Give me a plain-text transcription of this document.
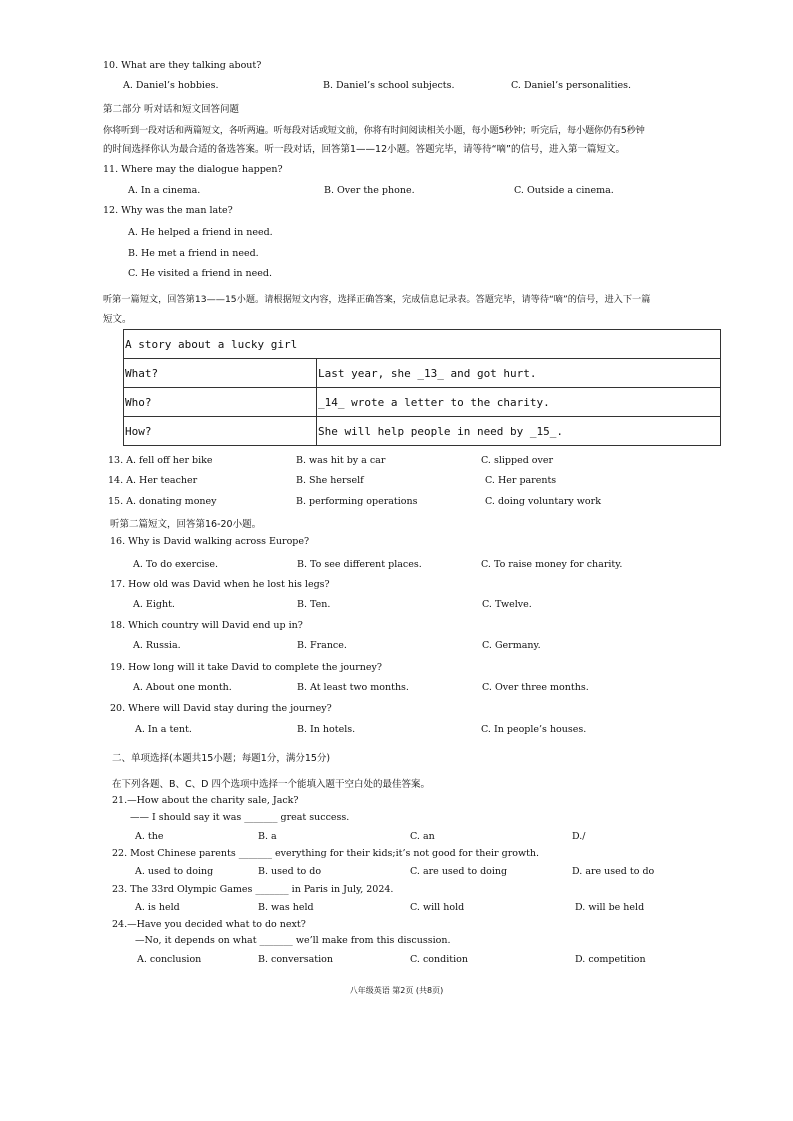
10. What are they talking about?
A. Daniel’s hobbies.	B. Daniel’s school subjects.	C. Daniel’s personalities.
第二部分 听对话和短文回答问题
你将听到一段对话和两篇短文，各听两遍。听每段对话或短文前，你将有时间阅读相关小题，每小题5秒钟；听完后，每小题你仍有5秒钟
的时间选择你认为最合适的备选答案。听一段对话，回答第1——12小题。答题完毕，请等待“嘀”的信号，进入第一篇短文。
11. Where may the dialogue happen?
A. In a cinema.	B. Over the phone.	C. Outside a cinema.
12. Why was the man late?
A. He helped a friend in need.
B. He met a friend in need.
C. He visited a friend in need.
听第一篇短文，回答第13——15小题。请根据短文内容，选择正确答案，完成信息记录表。答题完毕，请等待“嘀”的信号，进入下一篇
短文。
A story about a lucky girl	
What?	Last year, she _13_ and got hurt.
Who?	_14_ wrote a letter to the charity.
How?	She will help people in need by _15_.
13. A. fell off her bike	B. was hit by a car	C. slipped over
14. A. Her teacher	B. She herself	C. Her parents
15. A. donating money	B. performing operations	C. doing voluntary work
听第二篇短文，回答第16-20小题。
16. Why is David walking across Europe?
A. To do exercise.	B. To see different places.	C. To raise money for charity.
17. How old was David when he lost his legs?
A. Eight.	B. Ten.	C. Twelve.
18. Which country will David end up in?
A. Russia.	B. France.	C. Germany.
19. How long will it take David to complete the journey?
A. About one month.	B. At least two months.	C. Over three months.
20. Where will David stay during the journey?
A. In a tent.	B. In hotels.	C. In people’s houses.
二、单项选择(本题共15小题；每题1分，满分15分)
在下列各题、B、C、D 四个选项中选择一个能填入题干空白处的最佳答案。
21.—How about the charity sale, Jack?
—— I should say it was _______ great success.
A. the	B. a	C. an	D./
22. Most Chinese parents _______ everything for their kids;it’s not good for their growth.
A. used to doing	B. used to do	C. are used to doing	D. are used to do
23. The 33rd Olympic Games _______ in Paris in July, 2024.
A. is held	B. was held	C. will hold	D. will be held
24.—Have you decided what to do next?
—No, it depends on what _______ we’ll make from this discussion.
A. conclusion	B. conversation	C. condition	D. competition
八年级英语 第2页 (共8页)
